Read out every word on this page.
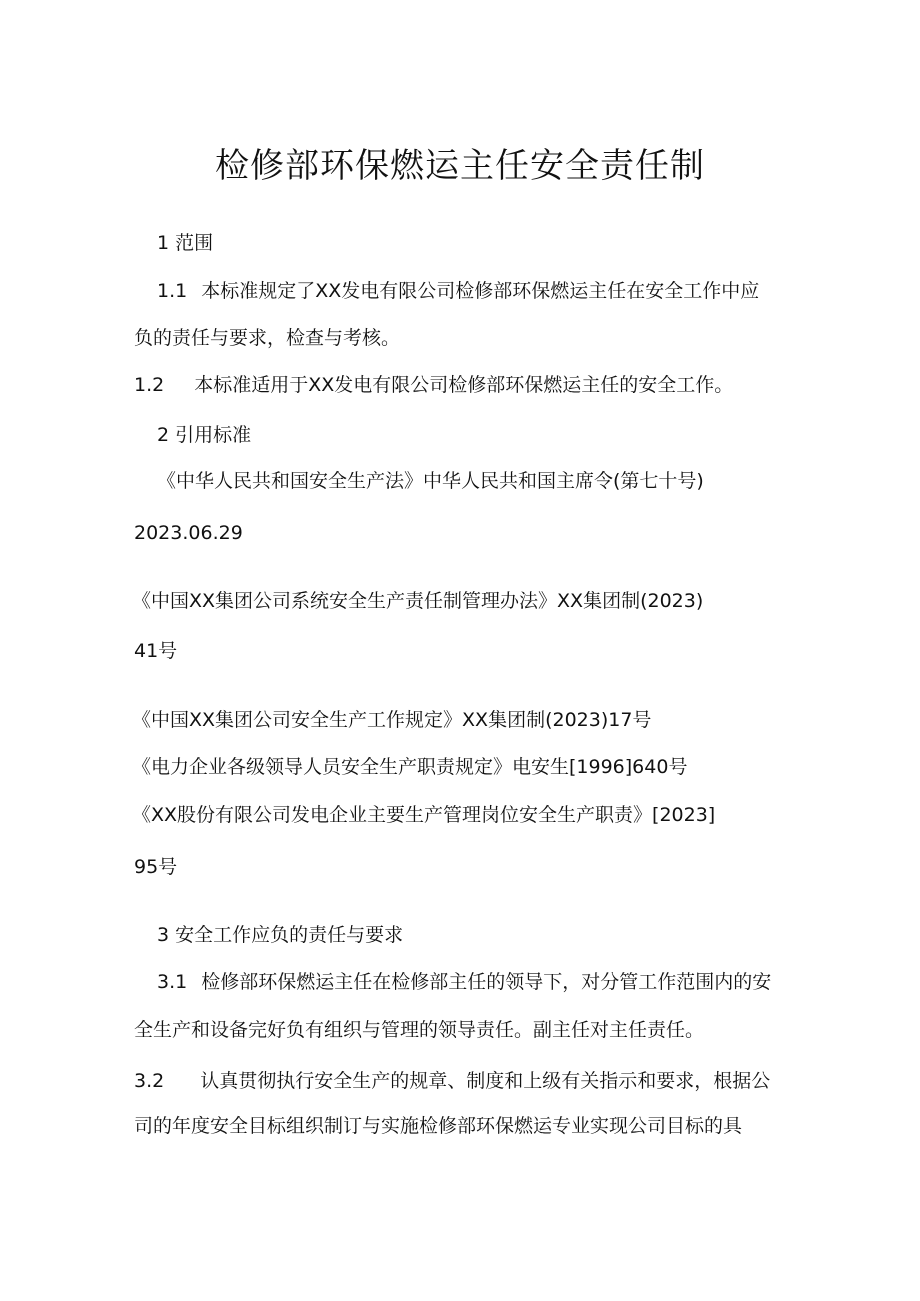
检修部环保燃运主任安全责任制
1 范围
1.1 本标准规定了XX发电有限公司检修部环保燃运主任在安全工作中应
负的责任与要求，检查与考核。
1.2 本标准适用于XX发电有限公司检修部环保燃运主任的安全工作。
2 引用标准
《中华人民共和国安全生产法》中华人民共和国主席令(第七十号)
2023.06.29
《中国XX集团公司系统安全生产责任制管理办法》XX集团制(2023)
41号
《中国XX集团公司安全生产工作规定》XX集团制(2023)17号
《电力企业各级领导人员安全生产职责规定》电安生[1996]640号
《XX股份有限公司发电企业主要生产管理岗位安全生产职责》[2023]
95号
3 安全工作应负的责任与要求
3.1 检修部环保燃运主任在检修部主任的领导下，对分管工作范围内的安
全生产和设备完好负有组织与管理的领导责任。副主任对主任责任。
3.2 认真贯彻执行安全生产的规章、制度和上级有关指示和要求，根据公
司的年度安全目标组织制订与实施检修部环保燃运专业实现公司目标的具
